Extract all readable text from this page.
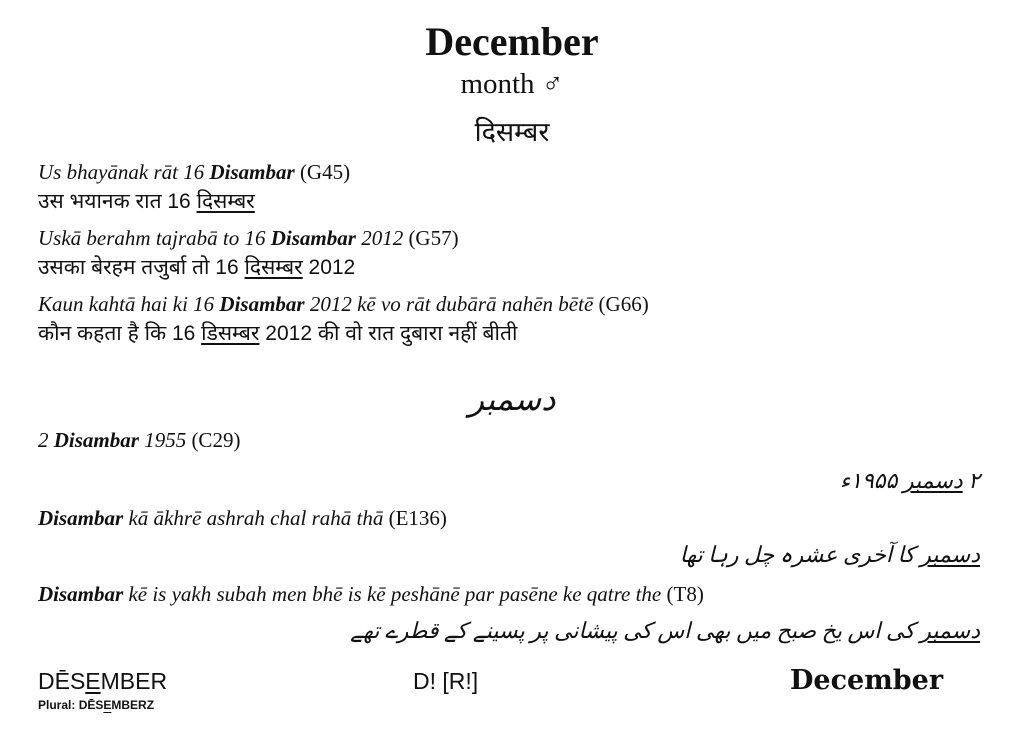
December
month ♂
दिसम्बर
Us bhayānak rāt 16 Disambar (G45)
उस भयानक रात 16 दिसम्बर
Uskā berahm tajrabā to 16 Disambar 2012 (G57)
उसका बेरहम तजुर्बा तो 16 दिसम्बर 2012
Kaun kahtā hai ki 16 Disambar 2012 kē vo rāt dubārā nahēn bētē (G66)
कौन कहता है कि 16 डिसम्बर 2012 की वो रात दुबारा नहीं बीती
دسمبر
2 Disambar 1955 (C29)
۲ دسمبر ۱۹۵۵ء
Disambar kā ākhrē ashrah chal rahā thā (E136)
دسمبر کا آخری عشرہ چل رہا تھا
Disambar kē is yakh subah men bhē is kē peshānē par pasēne ke qatre the (T8)
دسمبر کی اس یخ صبح میں بھی اس کی پیشانی پر پسینے کے قطرے تھے
DĒSEMBER
Plural: DĒSEMBERZ
D! [R!]	December
